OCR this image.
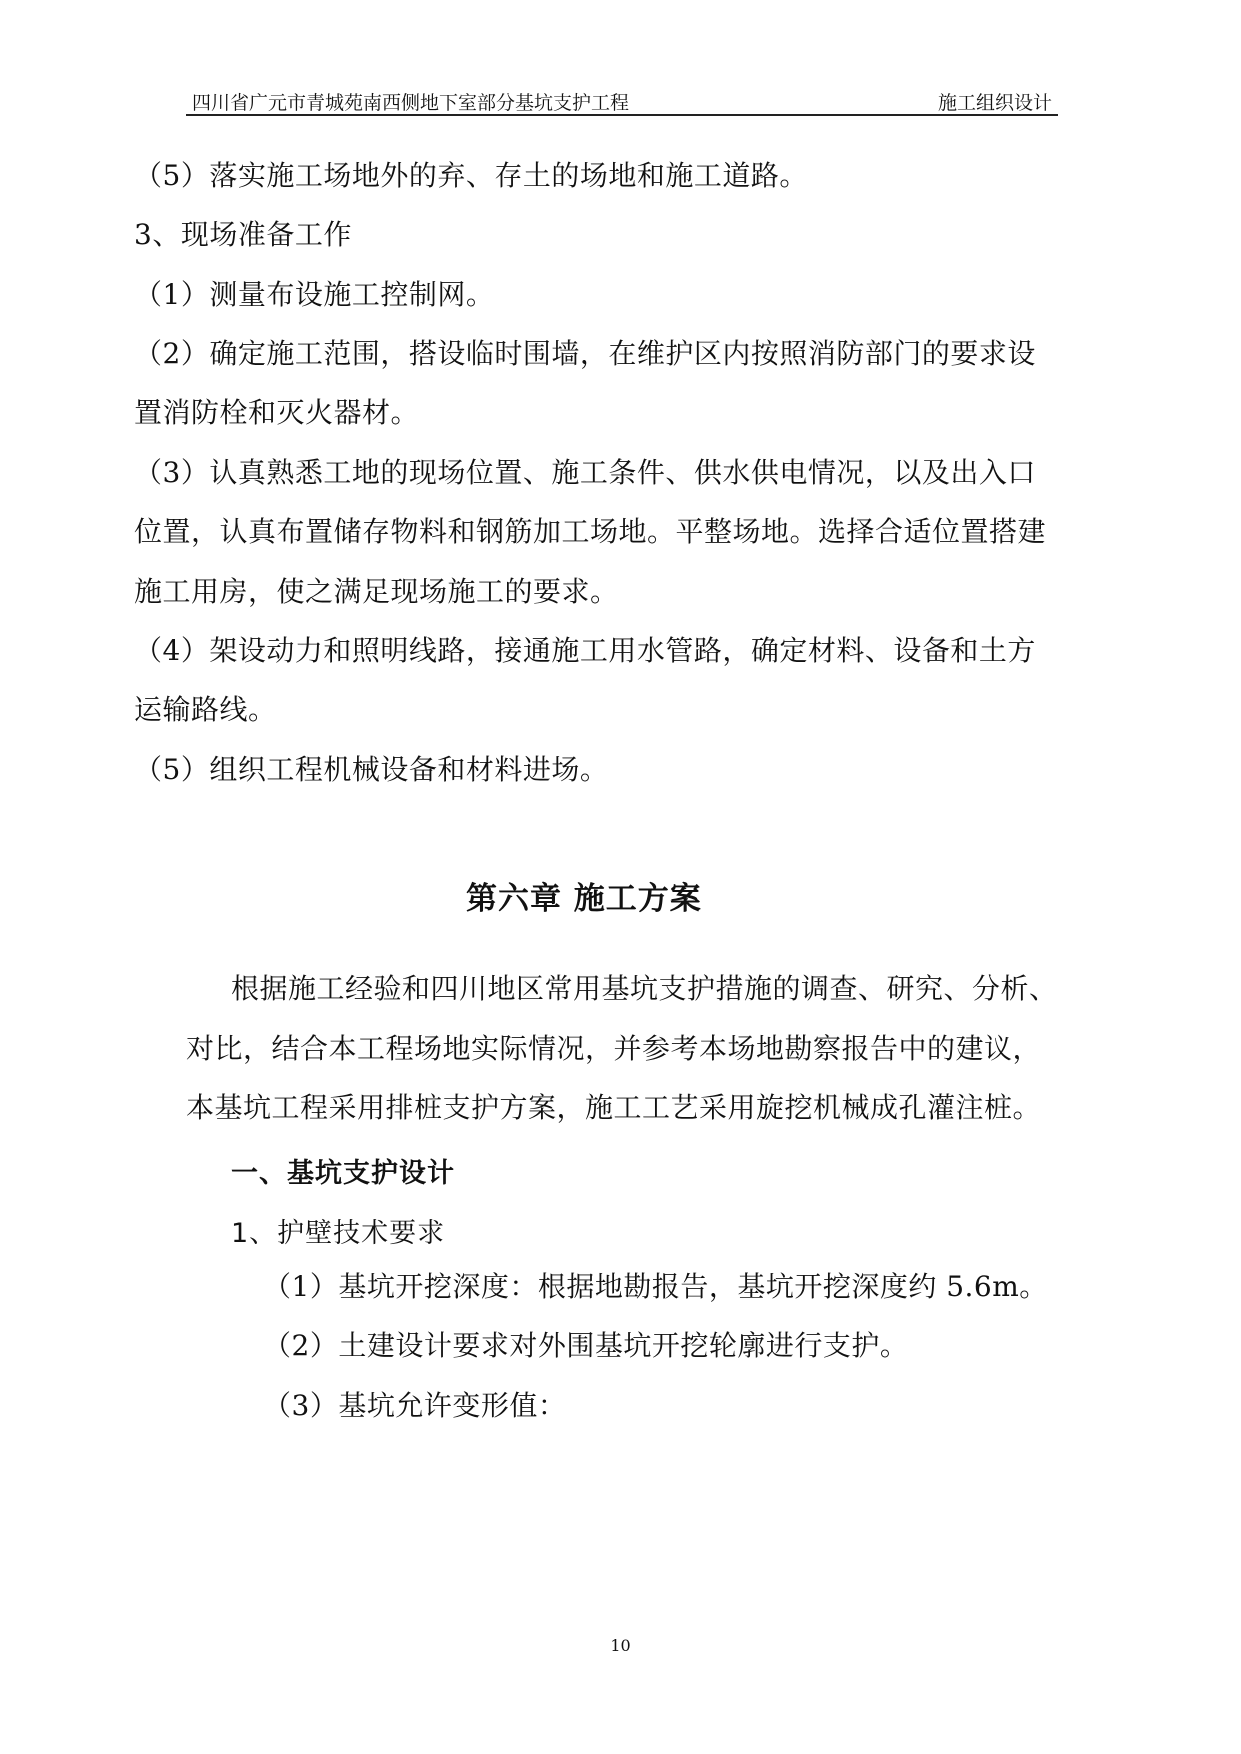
四川省广元市青城苑南西侧地下室部分基坑支护工程	施工组织设计
（5）落实施工场地外的弃、存土的场地和施工道路。
3、现场准备工作
（1）测量布设施工控制网。
（2）确定施工范围，搭设临时围墙，在维护区内按照消防部门的要求设
置消防栓和灭火器材。
（3）认真熟悉工地的现场位置、施工条件、供水供电情况，以及出入口
位置，认真布置储存物料和钢筋加工场地。平整场地。选择合适位置搭建
施工用房，使之满足现场施工的要求。
（4）架设动力和照明线路，接通施工用水管路，确定材料、设备和土方
运输路线。
（5）组织工程机械设备和材料进场。
第六章 施工方案
根据施工经验和四川地区常用基坑支护措施的调查、研究、分析、
对比，结合本工程场地实际情况，并参考本场地勘察报告中的建议，
本基坑工程采用排桩支护方案，施工工艺采用旋挖机械成孔灌注桩。
一、基坑支护设计
1、护壁技术要求
（1）基坑开挖深度：根据地勘报告，基坑开挖深度约 5.6m。
（2）土建设计要求对外围基坑开挖轮廓进行支护。
（3）基坑允许变形值：
10
